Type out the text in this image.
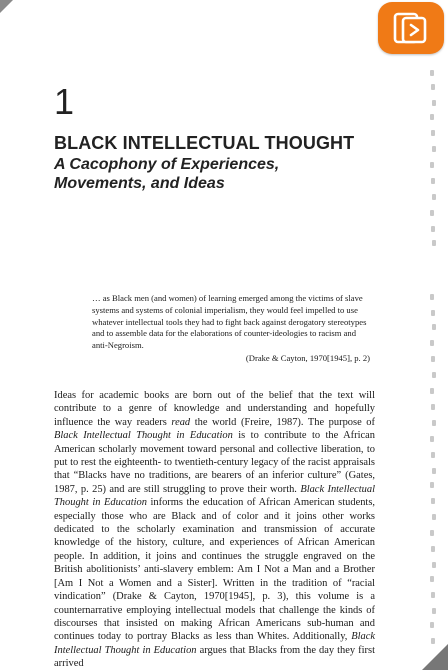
1
BLACK INTELLECTUAL THOUGHT
A Cacophony of Experiences, Movements, and Ideas

… as Black men (and women) of learning emerged among the victims of slave systems and systems of colonial imperialism, they would feel impelled to use whatever intellectual tools they had to fight back against derogatory stereotypes and to assemble data for the elaborations of counter-ideologies to racism and anti-Negroism.

(Drake & Cayton, 1970[1945], p. 2)

Ideas for academic books are born out of the belief that the text will contribute to a genre of knowledge and understanding and hopefully influence the way readers read the world (Freire, 1987). The purpose of Black Intellectual Thought in Education is to contribute to the African American scholarly movement toward personal and collective liberation, to put to rest the eighteenth- to twentieth-century legacy of the racist appraisals that “Blacks have no traditions, are bearers of an inferior culture” (Gates, 1987, p. 25) and are still struggling to prove their worth. Black Intellectual Thought in Education informs the education of African American students, especially those who are Black and of color and it joins other works dedicated to the scholarly examination and transmission of accurate knowledge of the history, culture, and experiences of African American people. In addition, it joins and continues the struggle engraved on the British abolitionists’ anti-slavery emblem: Am I Not a Man and a Brother [Am I Not a Women and a Sister]. Written in the tradition of “racial vindication” (Drake & Cayton, 1970[1945], p. 3), this volume is a counternarrative employing intellectual models that challenge the kinds of discourses that insisted on making African Americans sub-human and continues today to portray Blacks as less than Whites. Additionally, Black Intellectual Thought in Education argues that Blacks from the day they first arrived
